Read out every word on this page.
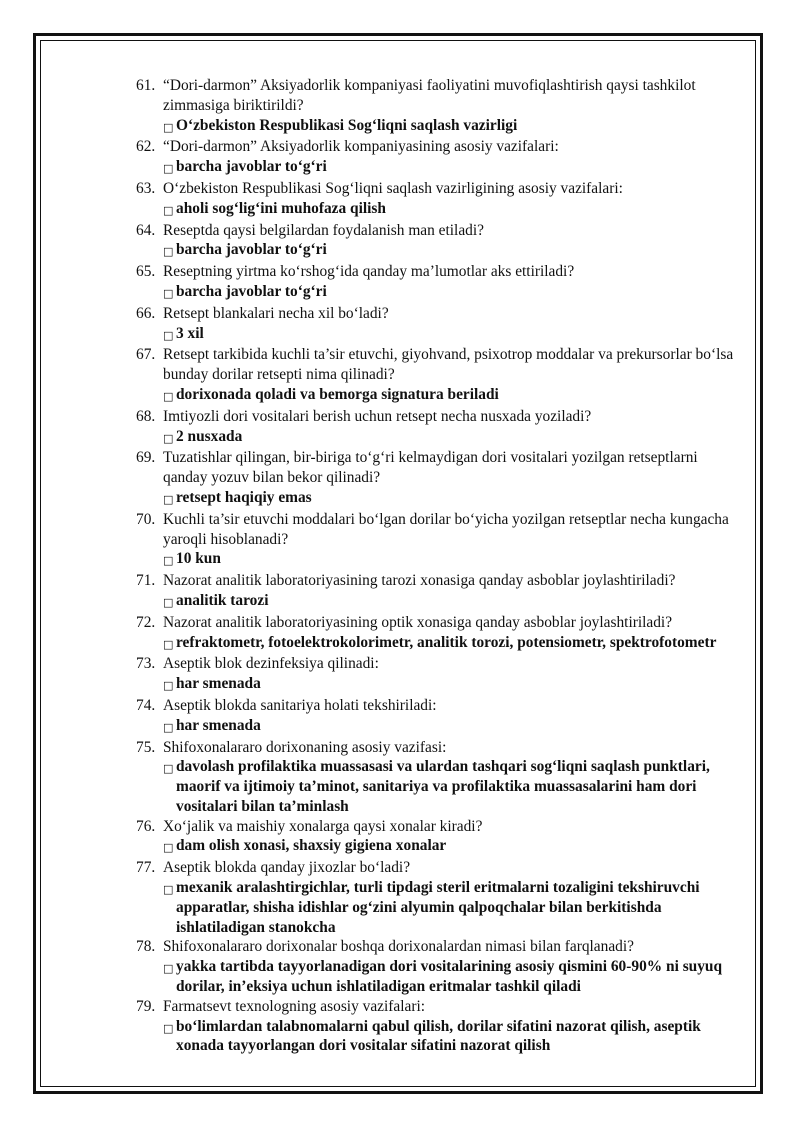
61. “Dori-darmon” Aksiyadorlik kompaniyasi faoliyatini muvofiqlashtirish qaysi tashkilot zimmasiga biriktirildi?
□ O‘zbekiston Respublikasi Sog‘liqni saqlash vazirligi
62. “Dori-darmon” Aksiyadorlik kompaniyasining asosiy vazifalari:
□ barcha javoblar to‘g‘ri
63. O‘zbekiston Respublikasi Sog‘liqni saqlash vazirligining asosiy vazifalari:
□ aholi sog‘lig‘ini muhofaza qilish
64. Reseptda qaysi belgilardan foydalanish man etiladi?
□ barcha javoblar to‘g‘ri
65. Reseptning yirtma ko‘rshog‘ida qanday ma’lumotlar aks ettiriladi?
□ barcha javoblar to‘g‘ri
66. Retsept blankalari necha xil bo‘ladi?
□ 3 xil
67. Retsept tarkibida kuchli ta’sir etuvchi, giyohvand, psixotrop moddalar va prekursorlar bo‘lsa bunday dorilar retsepti nima qilinadi?
□ dorixonada qoladi va bemorga signatura beriladi
68. Imtiyozli dori vositalari berish uchun retsept necha nusxada yoziladi?
□ 2 nusxada
69. Tuzatishlar qilingan, bir-biriga to‘g‘ri kelmaydigan dori vositalari yozilgan retseptlarni qanday yozuv bilan bekor qilinadi?
□ retsept haqiqiy emas
70. Kuchli ta’sir etuvchi moddalari bo‘lgan dorilar bo‘yicha yozilgan retseptlar necha kungacha yaroqli hisoblanadi?
□ 10 kun
71. Nazorat analitik laboratoriyasining tarozi xonasiga qanday asboblar joylashtiriladi?
□ analitik tarozi
72. Nazorat analitik laboratoriyasining optik xonasiga qanday asboblar joylashtiriladi?
□ refraktometr, fotoelektrokolorimetr, analitik torozi, potensiometr, spektrofotometr
73. Aseptik blok dezinfeksiya qilinadi:
□ har smenada
74. Aseptik blokda sanitariya holati tekshiriladi:
□ har smenada
75. Shifoxonalararo dorixonaning asosiy vazifasi:
□ davolash profilaktika muassasasi va ulardan tashqari sog‘liqni saqlash punktlari, maorif va ijtimoiy ta’minot, sanitariya va profilaktika muassasalarini ham dori vositalari bilan ta’minlash
76. Xo‘jalik va maishiy xonalarga qaysi xonalar kiradi?
□ dam olish xonasi, shaxsiy gigiena xonalar
77. Aseptik blokda qanday jixozlar bo‘ladi?
□ mexanik aralashtirgichlar, turli tipdagi steril eritmalarni tozaligini tekshiruvchi apparatlar, shisha idishlar og‘zini alyumin qalpoqchalar bilan berkitishda ishlatiladigan stanokcha
78. Shifoxonalararo dorixonalar boshqa dorixonalardan nimasi bilan farqlanadi?
□ yakka tartibda tayyorlanadigan dori vositalarining asosiy qismini 60-90% ni suyuq dorilar, in’eksiya uchun ishlatiladigan eritmalar tashkil qiladi
79. Farmatsevt texnologning asosiy vazifalari:
□ bo‘limlardan talabnomalarni qabul qilish, dorilar sifatini nazorat qilish, aseptik xonada tayyorlangan dori vositalar sifatini nazorat qilish
